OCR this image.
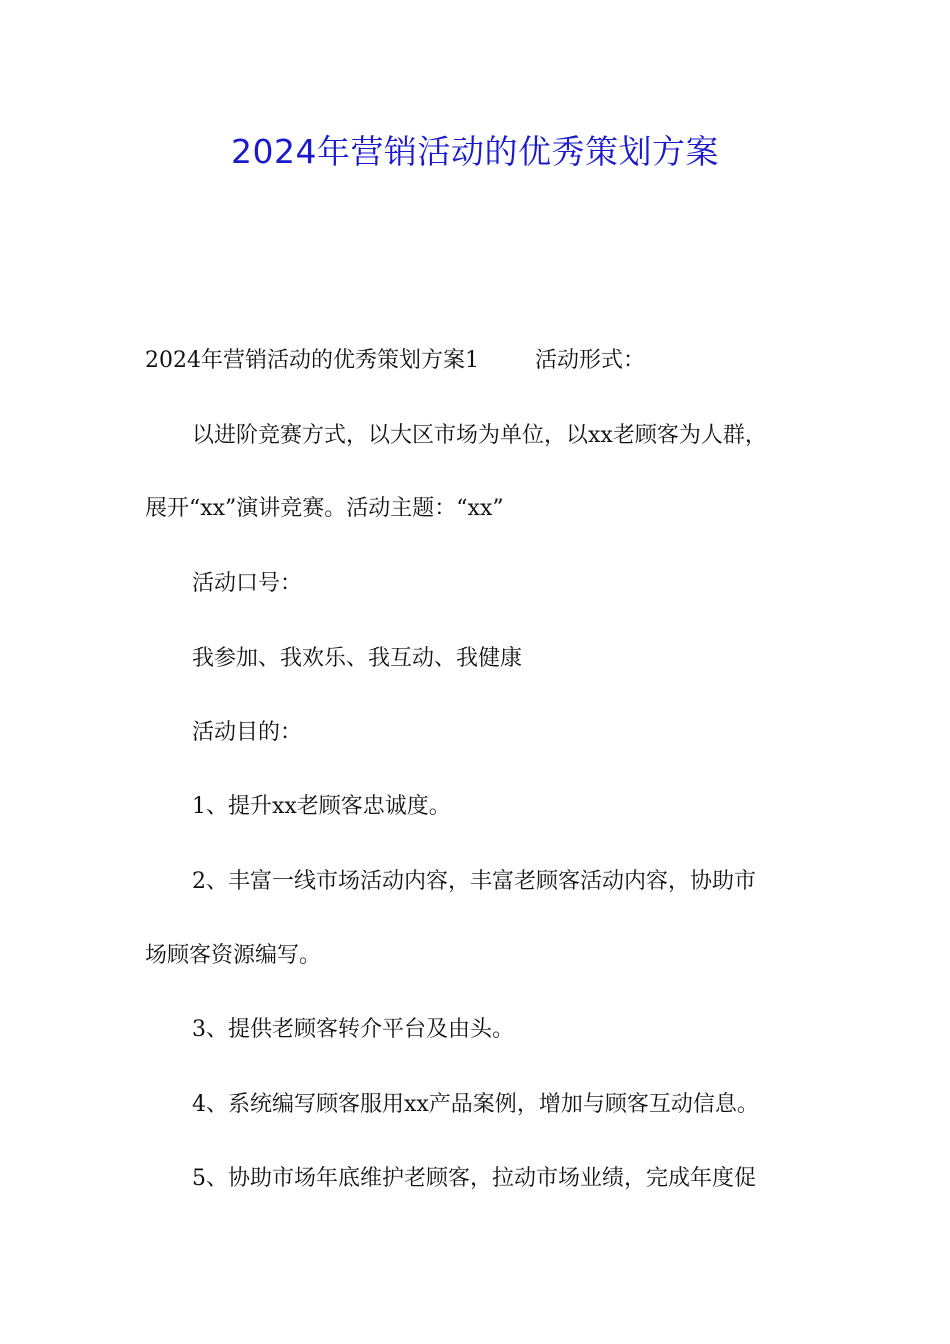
2024年营销活动的优秀策划方案
2024年营销活动的优秀策划方案1	活动形式：
以进阶竞赛方式，以大区市场为单位，以xx老顾客为人群，
展开“xx”演讲竞赛。活动主题：“xx”
活动口号：
我参加、我欢乐、我互动、我健康
活动目的：
1、提升xx老顾客忠诚度。
2、丰富一线市场活动内容，丰富老顾客活动内容，协助市
场顾客资源编写。
3、提供老顾客转介平台及由头。
4、系统编写顾客服用xx产品案例，增加与顾客互动信息。
5、协助市场年底维护老顾客，拉动市场业绩，完成年度促
